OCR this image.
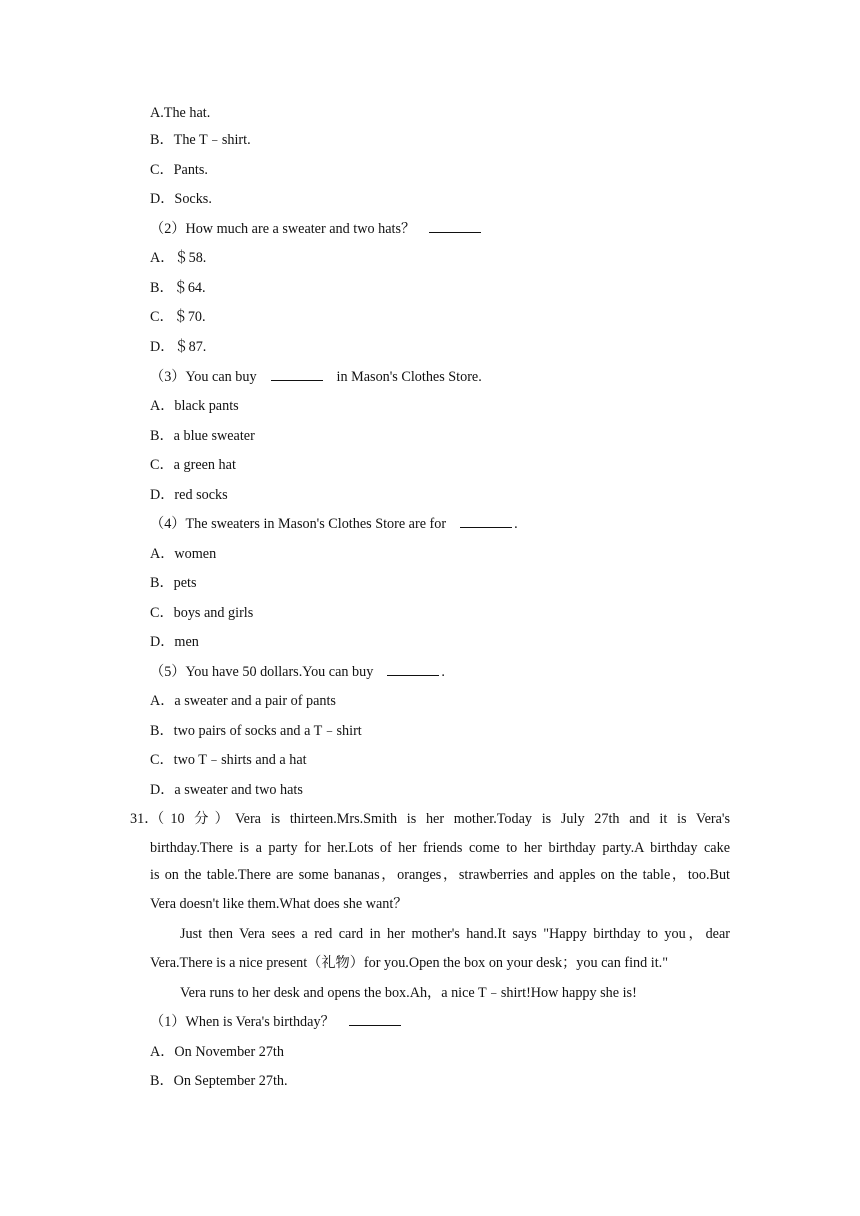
A.The hat.
B．The T﹣shirt.
C．Pants.
D．Socks.
（2）How much are a sweater and two hats？
A．＄58.
B．＄64.
C．＄70.
D．＄87.
（3）You can buy	in Mason's Clothes Store.
A．black pants
B．a blue sweater
C．a green hat
D．red socks
（4）The sweaters in Mason's Clothes Store are for	.
A．women
B．pets
C．boys and girls
D．men
（5）You have 50 dollars.You can buy	.
A．a sweater and a pair of pants
B．two pairs of socks and a T﹣shirt
C．two T﹣shirts and a hat
D．a sweater and two hats
31．
（10 分）Vera is thirteen.Mrs.Smith is her mother.Today is July 27th and it is Vera's
birthday.There is a party for her.Lots of her friends come to her birthday party.A birthday cake
is on the table.There are some bananas，oranges，strawberries and apples on the table，too.But
Vera doesn't like them.What does she want？
Just then Vera sees a red card in her mother's hand.It says "Happy birthday to you，dear
Vera.There is a nice present（礼物）for you.Open the box on your desk；you can find it."
Vera runs to her desk and opens the box.Ah，a nice T﹣shirt!How happy she is!
（1）When is Vera's birthday？
A．On November 27th
B．On September 27th.
